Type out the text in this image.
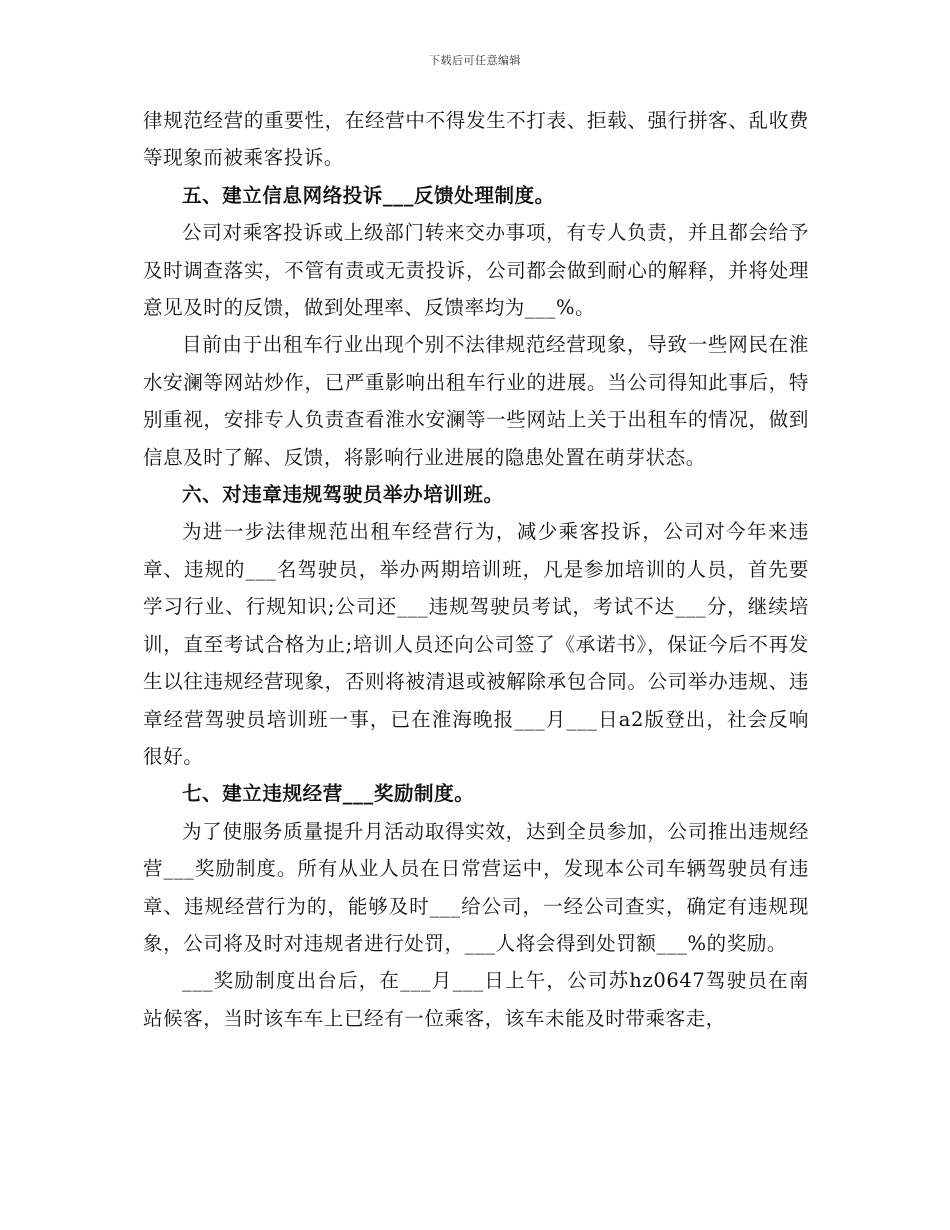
下载后可任意编辑

律规范经营的重要性，在经营中不得发生不打表、拒载、强行拼客、乱收费等现象而被乘客投诉。

五、建立信息网络投诉___反馈处理制度。

公司对乘客投诉或上级部门转来交办事项，有专人负责，并且都会给予及时调查落实，不管有责或无责投诉，公司都会做到耐心的解释，并将处理意见及时的反馈，做到处理率、反馈率均为___%。

目前由于出租车行业出现个别不法律规范经营现象，导致一些网民在淮水安澜等网站炒作，已严重影响出租车行业的进展。当公司得知此事后，特别重视，安排专人负责查看淮水安澜等一些网站上关于出租车的情况，做到信息及时了解、反馈，将影响行业进展的隐患处置在萌芽状态。

六、对违章违规驾驶员举办培训班。

为进一步法律规范出租车经营行为，减少乘客投诉，公司对今年来违章、违规的___名驾驶员，举办两期培训班，凡是参加培训的人员，首先要学习行业、行规知识;公司还___违规驾驶员考试，考试不达___分，继续培训，直至考试合格为止;培训人员还向公司签了《承诺书》，保证今后不再发生以往违规经营现象，否则将被清退或被解除承包合同。公司举办违规、违章经营驾驶员培训班一事，已在淮海晚报___月___日a2版登出，社会反响很好。

七、建立违规经营___奖励制度。

为了使服务质量提升月活动取得实效，达到全员参加，公司推出违规经营___奖励制度。所有从业人员在日常营运中，发现本公司车辆驾驶员有违章、违规经营行为的，能够及时___给公司，一经公司查实，确定有违规现象，公司将及时对违规者进行处罚，___人将会得到处罚额___%的奖励。

___奖励制度出台后，在___月___日上午，公司苏hz0647驾驶员在南站候客，当时该车车上已经有一位乘客，该车未能及时带乘客走，
